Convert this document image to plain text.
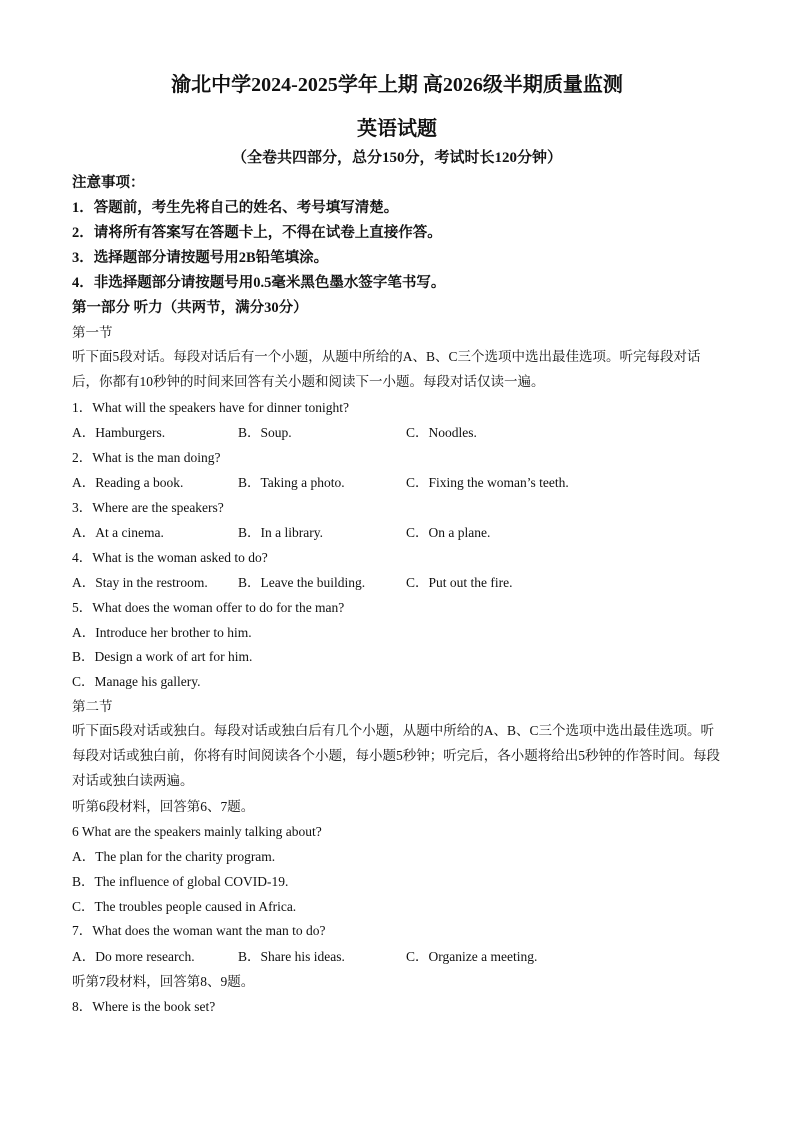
渝北中学2024-2025学年上期 高2026级半期质量监测
英语试题
（全卷共四部分，总分150分，考试时长120分钟）
注意事项：
1．答题前，考生先将自己的姓名、考号填写清楚。
2．请将所有答案写在答题卡上，不得在试卷上直接作答。
3．选择题部分请按题号用2B铅笔填涂。
4．非选择题部分请按题号用0.5毫米黑色墨水签字笔书写。
第一部分 听力（共两节，满分30分）
第一节
听下面5段对话。每段对话后有一个小题，从题中所给的A、B、C三个选项中选出最佳选项。听完每段对话后，你都有10秒钟的时间来回答有关小题和阅读下一小题。每段对话仅读一遍。
1．What will the speakers have for dinner tonight?
A．Hamburgers.	B．Soup.	C．Noodles.
2．What is the man doing?
A．Reading a book.	B．Taking a photo.	C．Fixing the woman’s teeth.
3．Where are the speakers?
A．At a cinema.	B．In a library.	C．On a plane.
4．What is the woman asked to do?
A．Stay in the restroom. B．Leave the building.	C．Put out the fire.
5．What does the woman offer to do for the man?
A．Introduce her brother to him.
B．Design a work of art for him.
C．Manage his gallery.
第二节
听下面5段对话或独白。每段对话或独白后有几个小题，从题中所给的A、B、C三个选项中选出最佳选项。听每段对话或独白前，你将有时间阅读各个小题，每小题5秒钟；听完后，各小题将给出5秒钟的作答时间。每段对话或独白读两遍。
听第6段材料，回答第6、7题。
6 What are the speakers mainly talking about?
A．The plan for the charity program.
B．The influence of global COVID-19.
C．The troubles people caused in Africa.
7．What does the woman want the man to do?
A．Do more research.	B．Share his ideas.	C．Organize a meeting.
听第7段材料，回答第8、9题。
8．Where is the book set?
